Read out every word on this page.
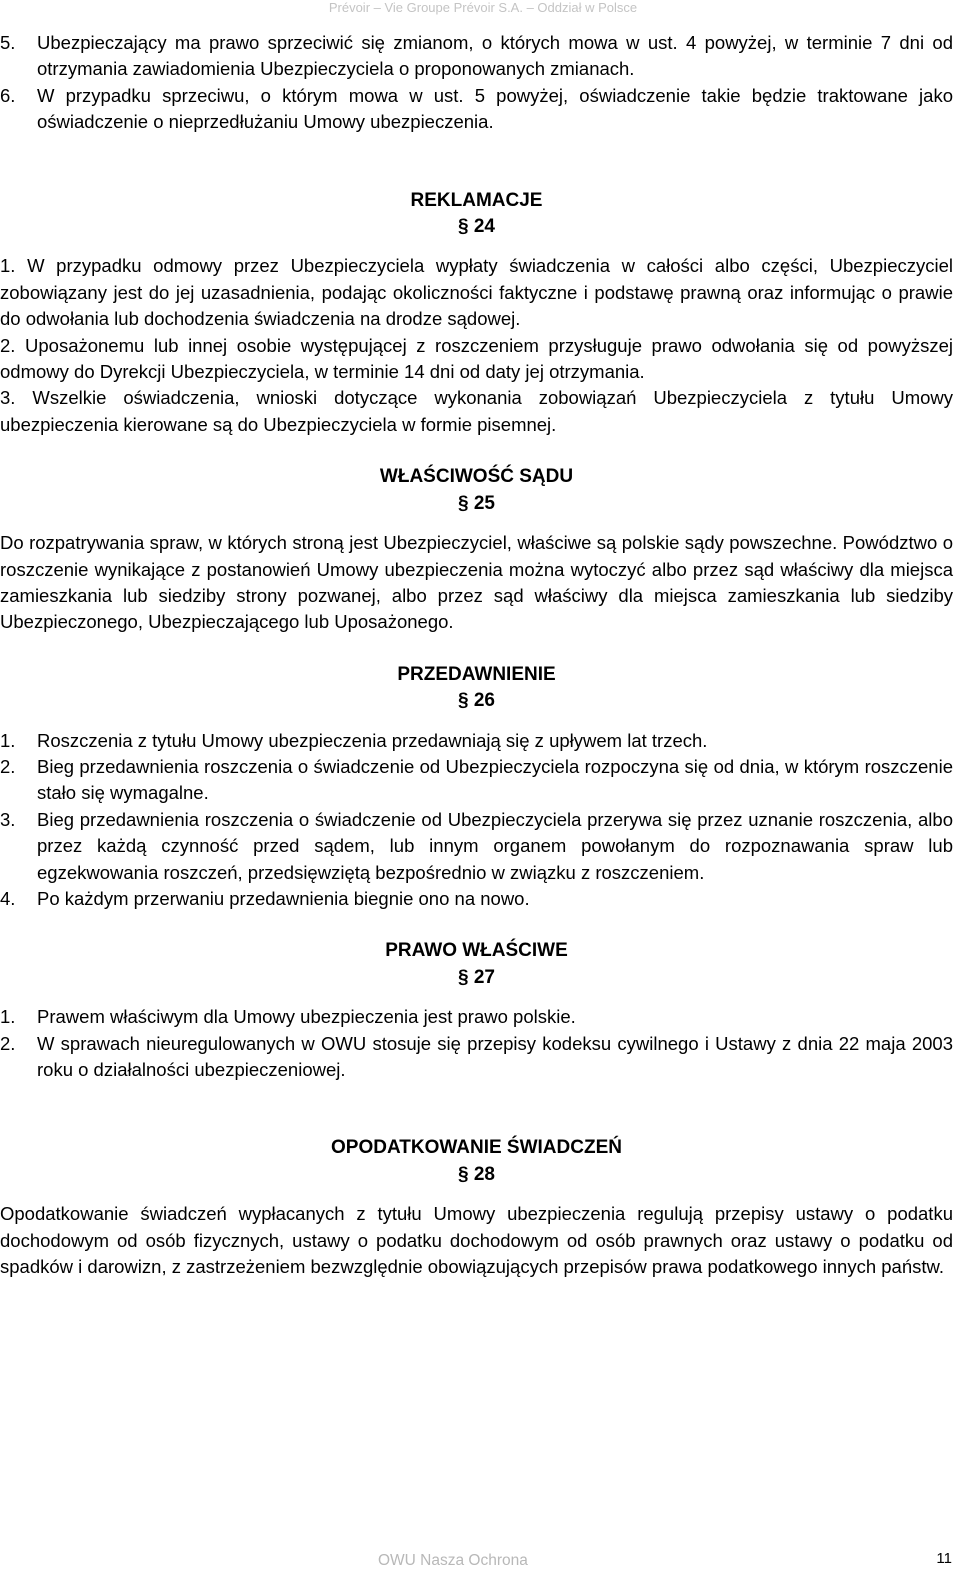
Prévoir – Vie Groupe Prévoir S.A. – Oddział w Polsce
5.	Ubezpieczający ma prawo sprzeciwić się zmianom, o których mowa w ust. 4 powyżej, w terminie 7 dni od otrzymania zawiadomienia Ubezpieczyciela o proponowanych zmianach.
6.	W przypadku sprzeciwu, o którym mowa w ust. 5 powyżej, oświadczenie takie będzie traktowane jako oświadczenie o nieprzedłużaniu Umowy ubezpieczenia.
REKLAMACJE
§ 24
1. W przypadku odmowy przez Ubezpieczyciela wypłaty świadczenia w całości albo części, Ubezpieczyciel zobowiązany jest do jej uzasadnienia, podając okoliczności faktyczne i podstawę prawną oraz informując o prawie do odwołania lub dochodzenia świadczenia na drodze sądowej.
2. Uposażonemu lub innej osobie występującej z roszczeniem przysługuje prawo odwołania się od powyższej odmowy do Dyrekcji Ubezpieczyciela, w terminie 14 dni od daty jej otrzymania.
3. Wszelkie oświadczenia, wnioski dotyczące wykonania zobowiązań Ubezpieczyciela z tytułu Umowy ubezpieczenia kierowane są do Ubezpieczyciela w formie pisemnej.
WŁAŚCIWOŚĆ SĄDU
§ 25

Do rozpatrywania spraw, w których stroną jest Ubezpieczyciel, właściwe są polskie sądy powszechne. Powództwo o roszczenie wynikające z postanowień Umowy ubezpieczenia można wytoczyć albo przez sąd właściwy dla miejsca zamieszkania lub siedziby strony pozwanej, albo przez sąd właściwy dla miejsca zamieszkania lub siedziby Ubezpieczonego, Ubezpieczającego lub Uposażonego.

PRZEDAWNIENIE
§ 26
1.	Roszczenia z tytułu Umowy ubezpieczenia przedawniają się z upływem lat trzech.
2.	Bieg przedawnienia roszczenia o świadczenie od Ubezpieczyciela rozpoczyna się od dnia, w którym roszczenie stało się wymagalne.
3.	Bieg przedawnienia roszczenia o świadczenie od Ubezpieczyciela przerywa się przez uznanie roszczenia, albo przez każdą czynność przed sądem, lub innym organem powołanym do rozpoznawania spraw lub egzekwowania roszczeń, przedsięwziętą bezpośrednio w związku z roszczeniem.
4.	Po każdym przerwaniu przedawnienia biegnie ono na nowo.
PRAWO WŁAŚCIWE
§ 27
1.	Prawem właściwym dla Umowy ubezpieczenia jest prawo polskie.
2.	W sprawach nieuregulowanych w OWU stosuje się przepisy kodeksu cywilnego i Ustawy z dnia 22 maja 2003 roku o działalności ubezpieczeniowej.
OPODATKOWANIE ŚWIADCZEŃ
§ 28

Opodatkowanie świadczeń wypłacanych z tytułu Umowy ubezpieczenia regulują przepisy ustawy o podatku dochodowym od osób fizycznych, ustawy o podatku dochodowym od osób prawnych oraz ustawy o podatku od spadków i darowizn, z zastrzeżeniem bezwzględnie obowiązujących przepisów prawa podatkowego innych państw.

OWU Nasza Ochrona	11
